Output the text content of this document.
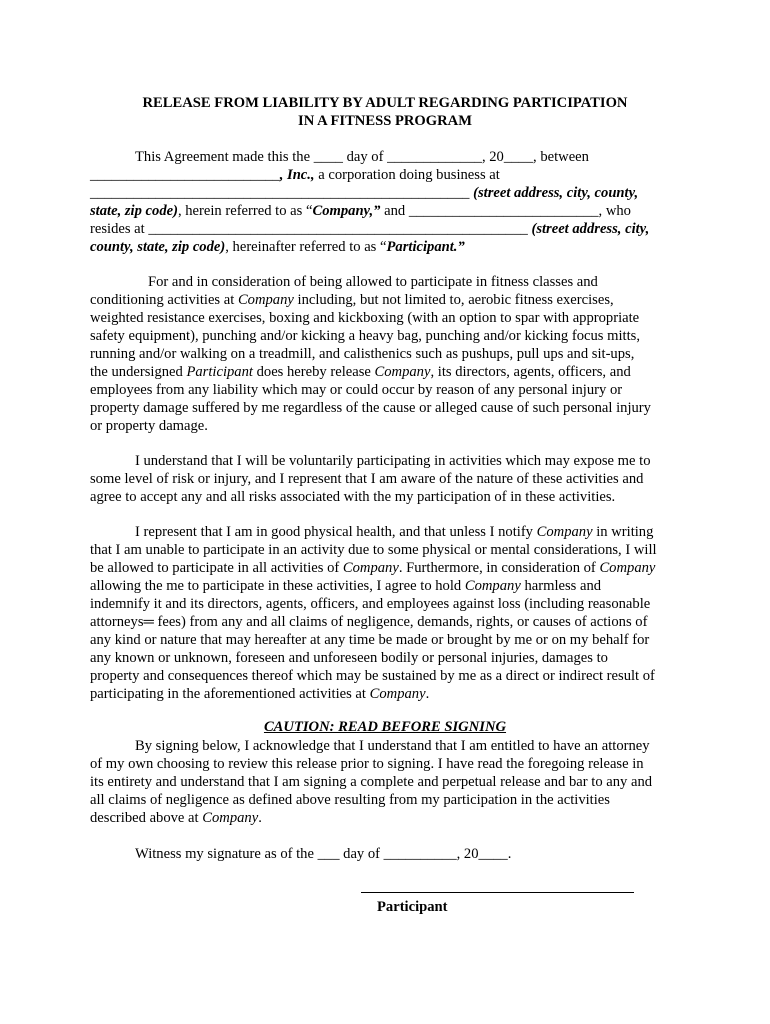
RELEASE FROM LIABILITY BY ADULT REGARDING PARTICIPATION
IN A FITNESS PROGRAM
This Agreement made this the ____ day of _____________, 20____, between
__________________________, Inc., a corporation doing business at
____________________________________________________ (street address, city, county,
state, zip code), herein referred to as “Company,” and __________________________, who
resides at ____________________________________________________ (street address, city,
county, state, zip code), hereinafter referred to as “Participant.”
For and in consideration of being allowed to participate in fitness classes and
conditioning activities at Company including, but not limited to, aerobic fitness exercises,
weighted resistance exercises, boxing and kickboxing (with an option to spar with appropriate
safety equipment), punching and/or kicking a heavy bag, punching and/or kicking focus mitts,
running and/or walking on a treadmill, and calisthenics such as pushups, pull ups and sit-ups,
the undersigned Participant does hereby release Company, its directors, agents, officers, and
employees from any liability which may or could occur by reason of any personal injury or
property damage suffered by me regardless of the cause or alleged cause of such personal injury
or property damage.
I understand that I will be voluntarily participating in activities which may expose me to
some level of risk or injury, and I represent that I am aware of the nature of these activities and
agree to accept any and all risks associated with the my participation of in these activities.
I represent that I am in good physical health, and that unless I notify Company in writing
that I am unable to participate in an activity due to some physical or mental considerations, I will
be allowed to participate in all activities of Company. Furthermore, in consideration of Company
allowing the me to participate in these activities, I agree to hold Company harmless and
indemnify it and its directors, agents, officers, and employees against loss (including reasonable
attorneys═ fees) from any and all claims of negligence, demands, rights, or causes of actions of
any kind or nature that may hereafter at any time be made or brought by me or on my behalf for
any known or unknown, foreseen and unforeseen bodily or personal injuries, damages to
property and consequences thereof which may be sustained by me as a direct or indirect result of
participating in the aforementioned activities at Company.
CAUTION: READ BEFORE SIGNING
By signing below, I acknowledge that I understand that I am entitled to have an attorney
of my own choosing to review this release prior to signing. I have read the foregoing release in
its entirety and understand that I am signing a complete and perpetual release and bar to any and
all claims of negligence as defined above resulting from my participation in the activities
described above at Company.
Witness my signature as of the ___ day of __________, 20____.
Participant
